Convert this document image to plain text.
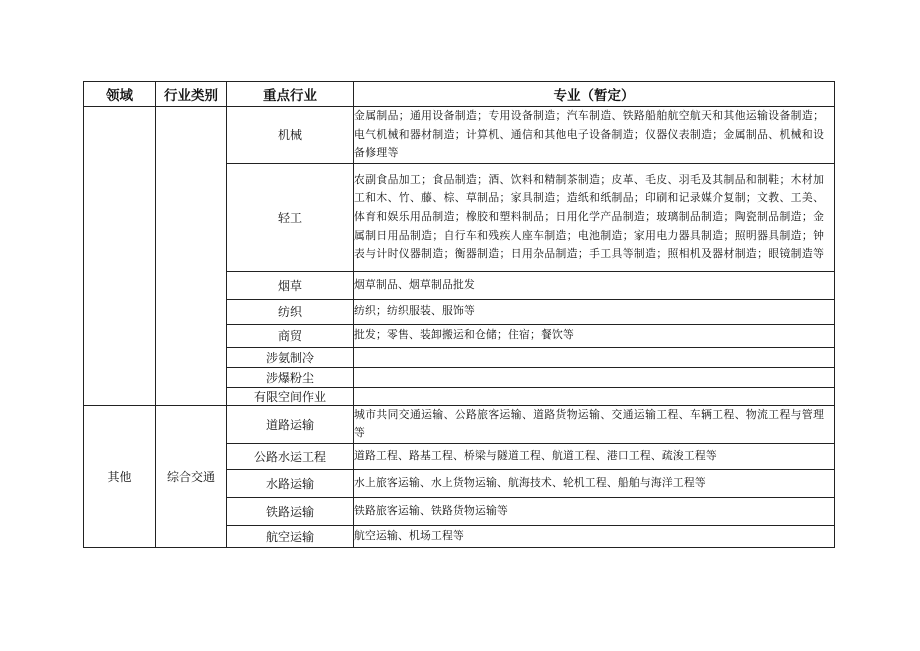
领域	行业类别	重点行业	专业（暂定）
		机械	金属制品；通用设备制造；专用设备制造；汽车制造、铁路船舶航空航天和其他运输设备制造；电气机械和器材制造；计算机、通信和其他电子设备制造；仪器仪表制造；金属制品、机械和设备修理等
		轻工	农副食品加工；食品制造；酒、饮料和精制茶制造；皮革、毛皮、羽毛及其制品和制鞋；木材加工和木、竹、藤、棕、草制品；家具制造；造纸和纸制品；印刷和记录媒介复制；文教、工美、体育和娱乐用品制造；橡胶和塑料制品；日用化学产品制造；玻璃制品制造；陶瓷制品制造；金属制日用品制造；自行车和残疾人座车制造；电池制造；家用电力器具制造；照明器具制造；钟表与计时仪器制造；衡器制造；日用杂品制造；手工具等制造；照相机及器材制造；眼镜制造等
		烟草	烟草制品、烟草制品批发
		纺织	纺织；纺织服装、服饰等
		商贸	批发；零售、装卸搬运和仓储；住宿；餐饮等
		涉氨制冷	
		涉爆粉尘	
		有限空间作业	
其他	综合交通	道路运输	城市共同交通运输、公路旅客运输、道路货物运输、交通运输工程、车辆工程、物流工程与管理等
		公路水运工程	道路工程、路基工程、桥梁与隧道工程、航道工程、港口工程、疏浚工程等
		水路运输	水上旅客运输、水上货物运输、航海技术、轮机工程、船舶与海洋工程等
		铁路运输	铁路旅客运输、铁路货物运输等
		航空运输	航空运输、机场工程等
